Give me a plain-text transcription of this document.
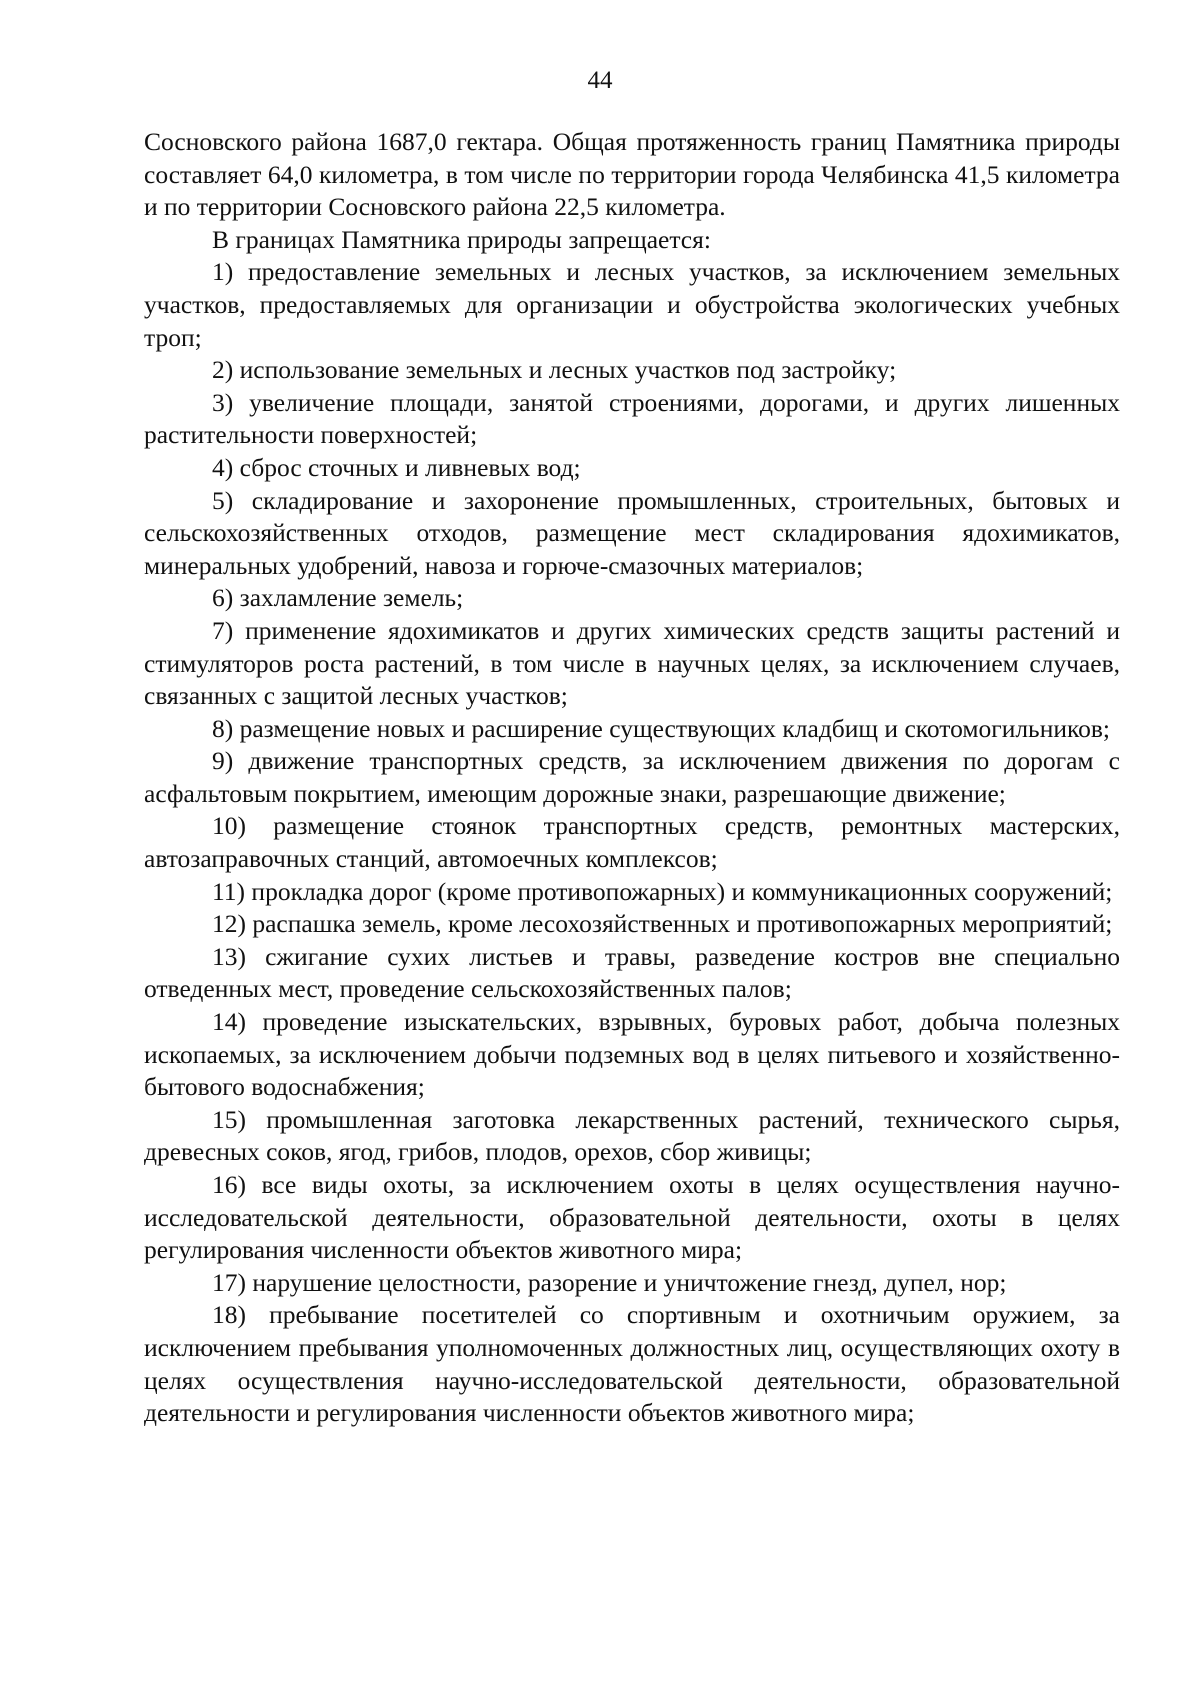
44

Сосновского района 1687,0 гектара. Общая протяженность границ Памятника природы составляет 64,0 километра, в том числе по территории города Челябинска 41,5 километра и по территории Сосновского района 22,5 километра.

В границах Памятника природы запрещается:

1) предоставление земельных и лесных участков, за исключением земельных участков, предоставляемых для организации и обустройства экологических учебных троп;

2) использование земельных и лесных участков под застройку;

3) увеличение площади, занятой строениями, дорогами, и других лишенных растительности поверхностей;

4) сброс сточных и ливневых вод;

5) складирование и захоронение промышленных, строительных, бытовых и сельскохозяйственных отходов, размещение мест складирования ядохимикатов, минеральных удобрений, навоза и горюче-смазочных материалов;

6) захламление земель;

7) применение ядохимикатов и других химических средств защиты растений и стимуляторов роста растений, в том числе в научных целях, за исключением случаев, связанных с защитой лесных участков;

8) размещение новых и расширение существующих кладбищ и скотомогильников;

9) движение транспортных средств, за исключением движения по дорогам с асфальтовым покрытием, имеющим дорожные знаки, разрешающие движение;

10) размещение стоянок транспортных средств, ремонтных мастерских, автозаправочных станций, автомоечных комплексов;

11) прокладка дорог (кроме противопожарных) и коммуникационных сооружений;

12) распашка земель, кроме лесохозяйственных и противопожарных мероприятий;

13) сжигание сухих листьев и травы, разведение костров вне специально отведенных мест, проведение сельскохозяйственных палов;

14) проведение изыскательских, взрывных, буровых работ, добыча полезных ископаемых, за исключением добычи подземных вод в целях питьевого и хозяйственно-бытового водоснабжения;

15) промышленная заготовка лекарственных растений, технического сырья, древесных соков, ягод, грибов, плодов, орехов, сбор живицы;

16) все виды охоты, за исключением охоты в целях осуществления научно-исследовательской деятельности, образовательной деятельности, охоты в целях регулирования численности объектов животного мира;

17) нарушение целостности, разорение и уничтожение гнезд, дупел, нор;

18) пребывание посетителей со спортивным и охотничьим оружием, за исключением пребывания уполномоченных должностных лиц, осуществляющих охоту в целях осуществления научно-исследовательской деятельности, образовательной деятельности и регулирования численности объектов животного мира;
